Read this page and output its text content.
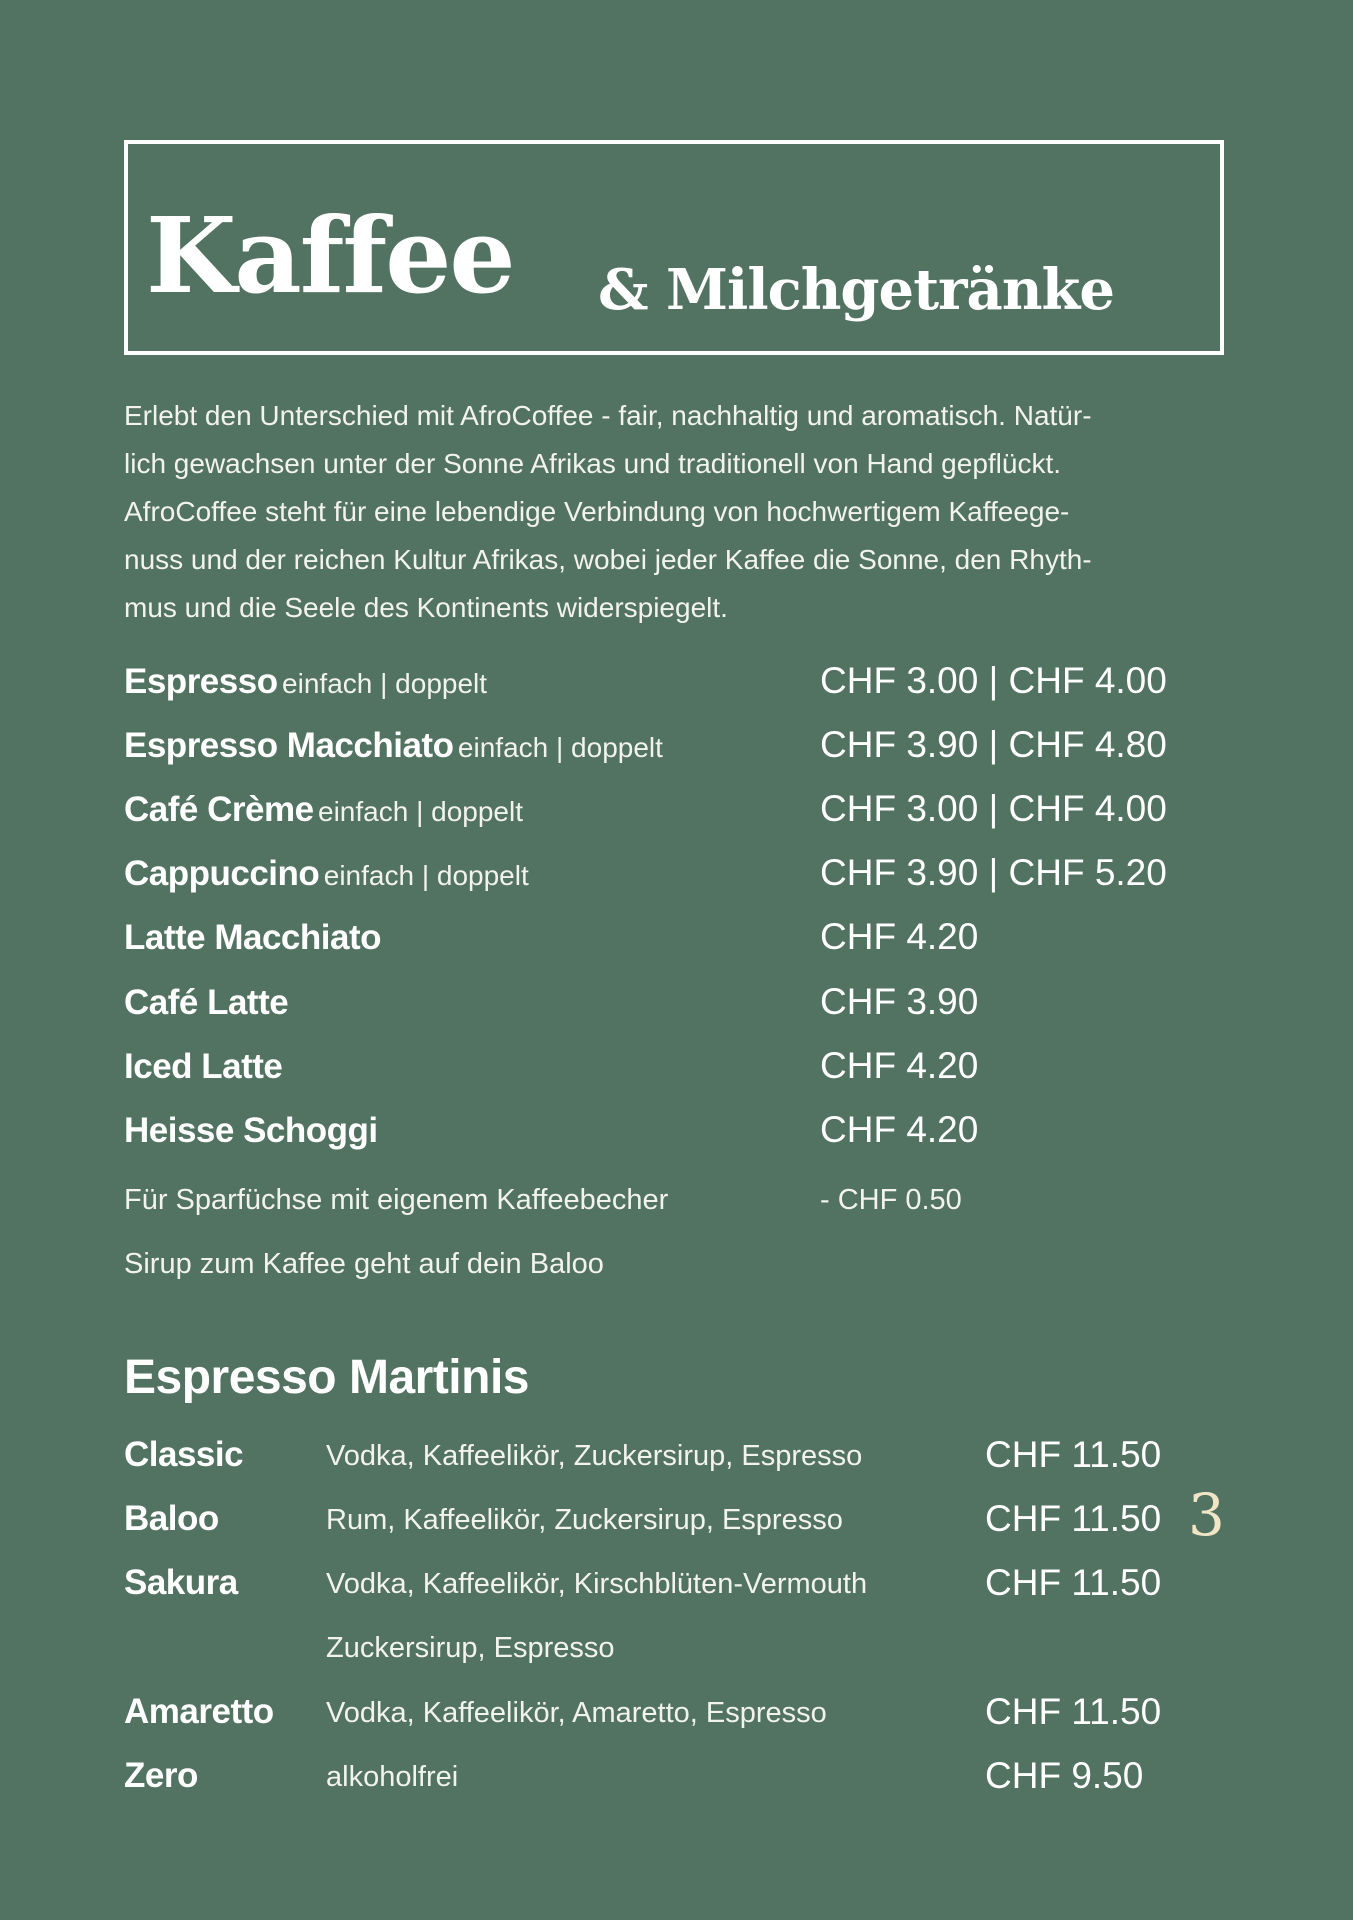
Kaffee & Milchgetränke

Erlebt den Unterschied mit AfroCoffee - fair, nachhaltig und aromatisch. Natür-
lich gewachsen unter der Sonne Afrikas und traditionell von Hand gepflückt.
AfroCoffee steht für eine lebendige Verbindung von hochwertigem Kaffeege-
nuss und der reichen Kultur Afrikas, wobei jeder Kaffee die Sonne, den Rhyth-
mus und die Seele des Kontinents widerspiegelt.

Espresso einfach | doppelt	CHF 3.00 | CHF 4.00
Espresso Macchiato einfach | doppelt	CHF 3.90 | CHF 4.80
Café Crème einfach | doppelt	CHF 3.00 | CHF 4.00
Cappuccino einfach | doppelt	CHF 3.90 | CHF 5.20
Latte Macchiato	CHF 4.20
Café Latte	CHF 3.90
Iced Latte	CHF 4.20
Heisse Schoggi	CHF 4.20
Für Sparfüchse mit eigenem Kaffeebecher	- CHF 0.50
Sirup zum Kaffee geht auf dein Baloo
Espresso Martinis
Classic	Vodka, Kaffeelikör, Zuckersirup, Espresso	CHF 11.50
Baloo	Rum, Kaffeelikör, Zuckersirup, Espresso	CHF 11.50
Sakura	Vodka, Kaffeelikör, Kirschblüten-Vermouth	CHF 11.50
Zuckersirup, Espresso
Amaretto Vodka, Kaffeelikör, Amaretto, Espresso	CHF 11.50
Zero	alkoholfrei	CHF 9.50
3
